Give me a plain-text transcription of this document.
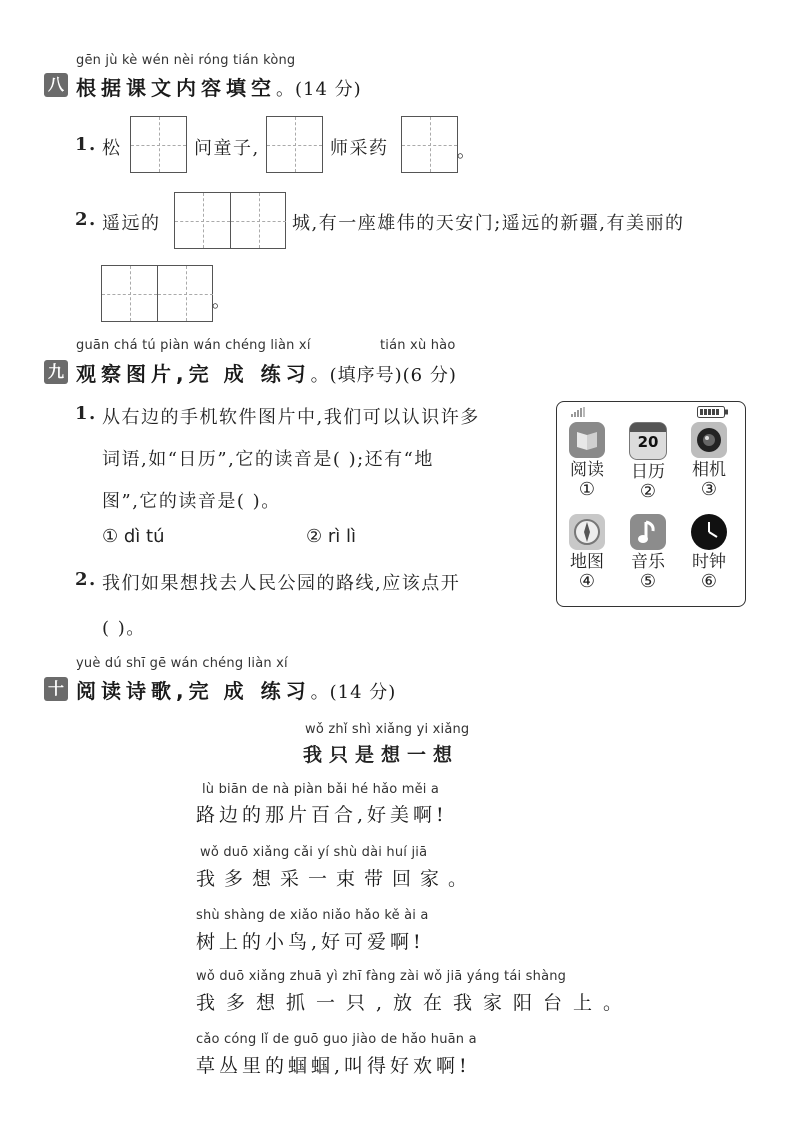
gēn jù kè wén nèi róng tián kòng
八 根据课文内容填空。(14 分)
1. 松	问童子,	师采药	。
2. 遥远的	城,有一座雄伟的天安门;遥远的新疆,有美丽的
。
guān chá tú piàn wán chéng liàn xí	tián xù hào
九 观察图片,完 成 练习。(填序号)(6 分)
1. 从右边的手机软件图片中,我们可以认识许多
词语,如“日历”,它的读音是( );还有“地
图”,它的读音是( )。
① dì tú	② rì lì
2. 我们如果想找去人民公园的路线,应该点开
( )。
阅读
①
20
日历
②
相机
③
地图
④
音乐
⑤
时钟
⑥
yuè dú shī gē wán chéng liàn xí
十 阅读诗歌,完 成 练习。(14 分)
wǒ zhǐ shì xiǎng yi xiǎng
我只是想一想
lù biān de nà piàn bǎi hé hǎo měi a
路边的那片百合,好美啊!
wǒ duō xiǎng cǎi yí shù dài huí jiā
我多想采一束带回家。
shù shàng de xiǎo niǎo hǎo kě ài a
树上的小鸟,好可爱啊!
wǒ duō xiǎng zhuā yì zhī fàng zài wǒ jiā yáng tái shàng
我多想抓一只,放在我家阳台上。
cǎo cóng lǐ de guō guo jiào de hǎo huān a
草丛里的蝈蝈,叫得好欢啊!
